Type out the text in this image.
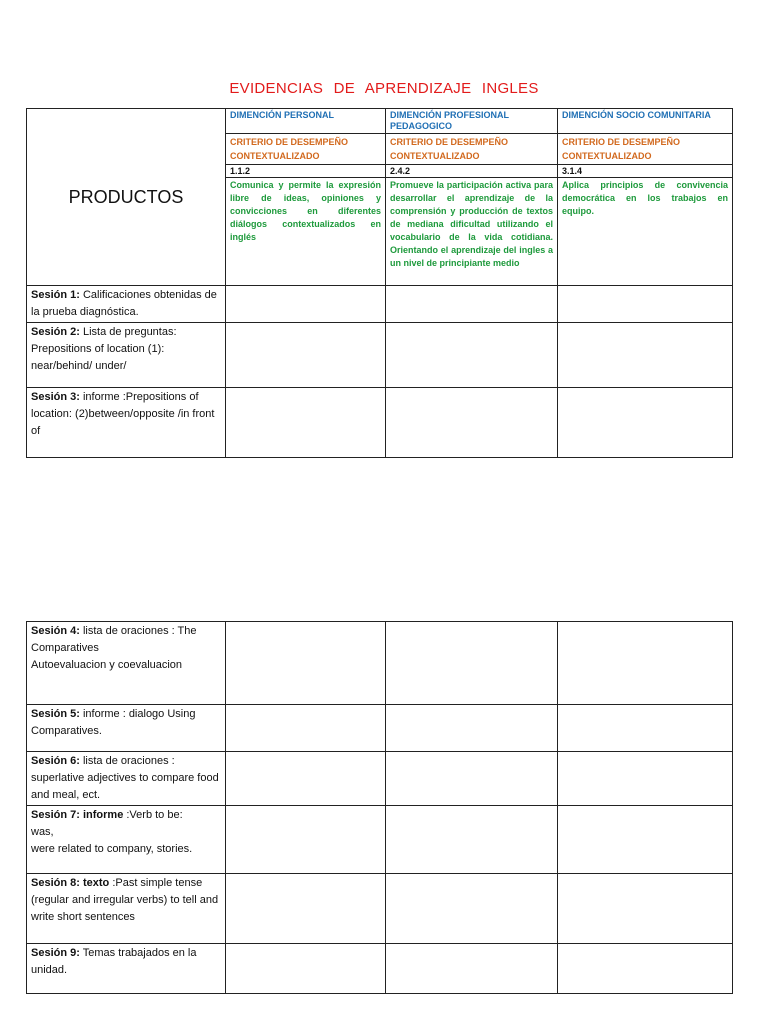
EVIDENCIAS DE APRENDIZAJE INGLES
PRODUCTOS	DIMENCIÓN PERSONAL	DIMENCIÓN PROFESIONAL PEDAGOGICO	DIMENCIÓN SOCIO COMUNITARIA
	CRITERIO DE DESEMPEÑO CONTEXTUALIZADO	CRITERIO DE DESEMPEÑO CONTEXTUALIZADO	CRITERIO DE DESEMPEÑO CONTEXTUALIZADO
	1.1.2	2.4.2	3.1.4
	Comunica y permite la expresión libre de ideas, opiniones y convicciones en diferentes diálogos contextualizados en inglés	Promueve la participación activa para desarrollar el aprendizaje de la comprensión y producción de textos de mediana dificultad utilizando el vocabulario de la vida cotidiana. Orientando el aprendizaje del ingles a un nivel de principiante medio	Aplica principios de convivencia democrática en los trabajos en equipo.
Sesión 1: Calificaciones obtenidas de la prueba diagnóstica.			
Sesión 2: Lista de preguntas:
Prepositions of location (1): near/behind/ under/			

Sesión 3: informe :Prepositions of location: (2)between/opposite /in front of			
Sesión 4: lista de oraciones : The Comparatives
Autoevaluacion y coevaluacion			

Sesión 5: informe : dialogo Using Comparatives.			
Sesión 6: lista de oraciones :
superlative adjectives to compare food and meal, ect.			

Sesión 7: informe :Verb to be:
was,
were related to company, stories.			

Sesión 8: texto :Past simple tense (regular and irregular verbs) to tell and
write short sentences			

Sesión 9: Temas trabajados en la unidad.			
